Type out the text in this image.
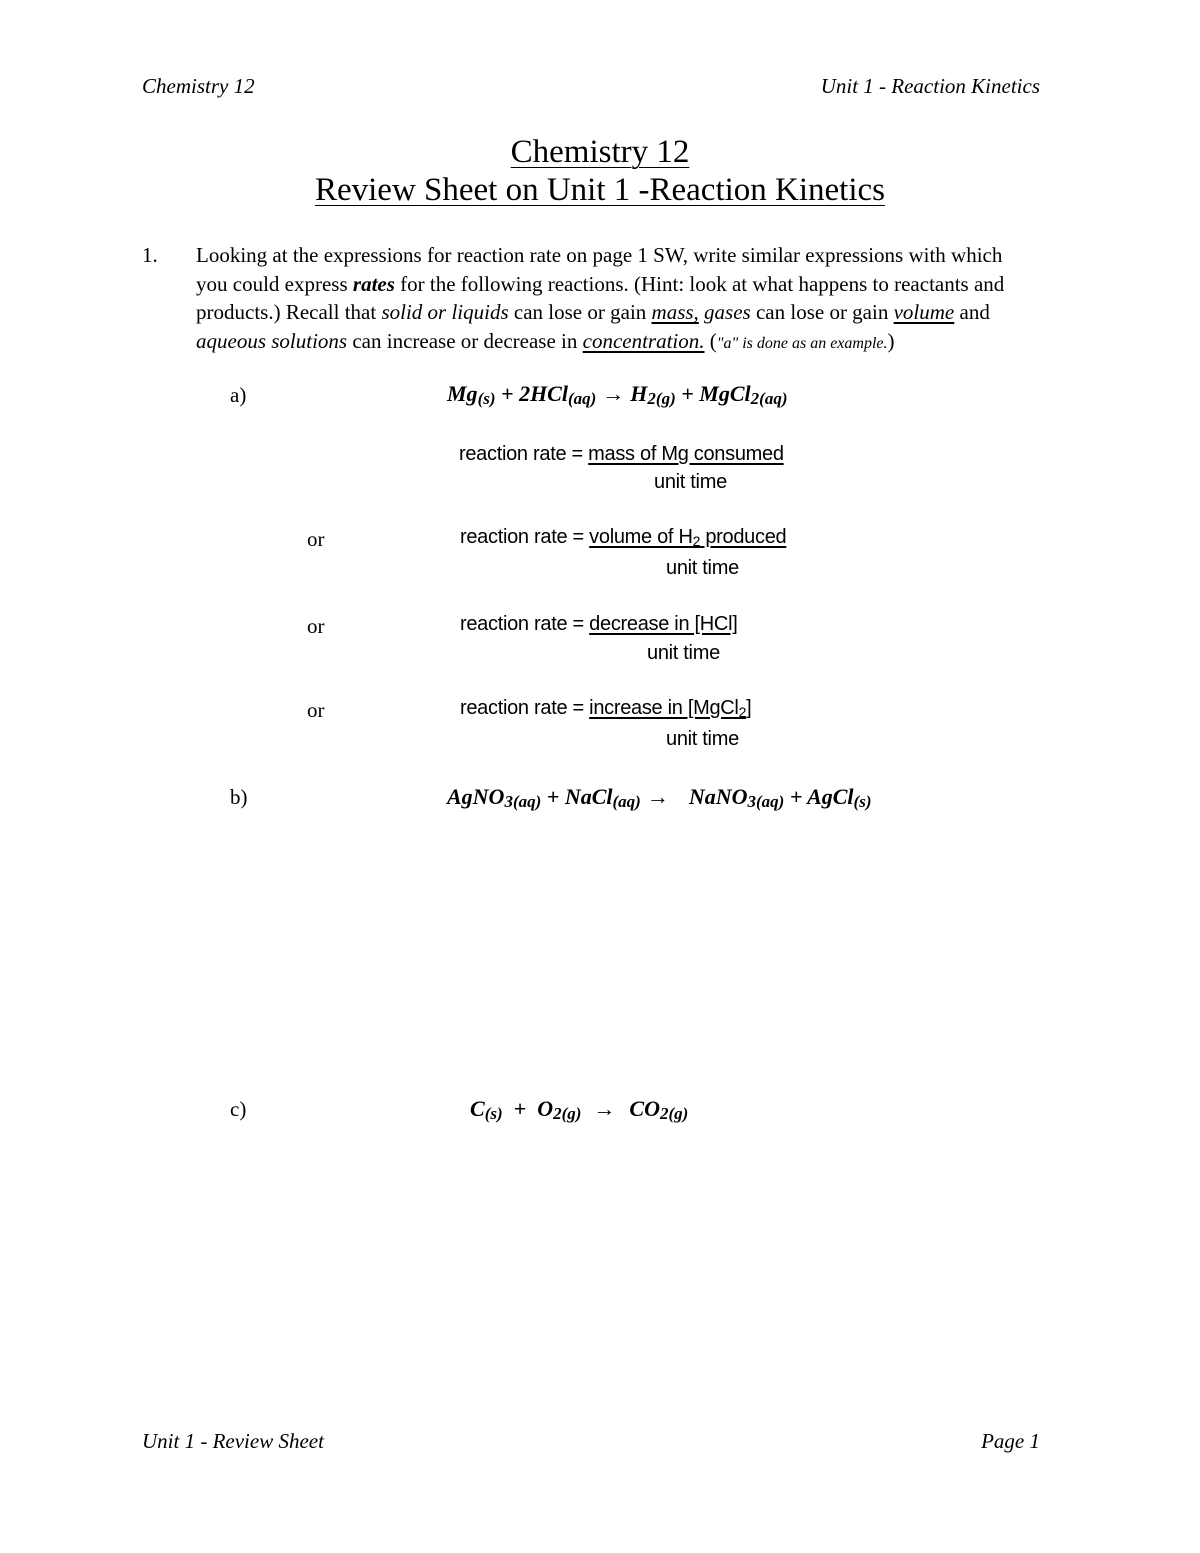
Chemistry 12	Unit 1 - Reaction Kinetics
Chemistry 12
Review Sheet on Unit 1 -Reaction Kinetics
1. Looking at the expressions for reaction rate on page 1 SW, write similar expressions with which
you could express rates for the following reactions. (Hint: look at what happens to reactants and
products.) Recall that solid or liquids can lose or gain mass, gases can lose or gain volume and
aqueous solutions can increase or decrease in concentration. ("a" is done as an example.)
a)	$Mg_{(s)} + 2HCl_{(aq)} \to H_{2(g)}$ + MgCl$_{2(aq)}$
reaction rate = mass of Mg consumed
unit time
or	reaction rate = volume of $H_2$ produced
unit time
or	reaction rate = decrease in [HCl]
unit time
or	reaction rate = increase in [MgCl$_2$]
unit time
b)	AgNO$_{3(aq)}$ + NaCl$_{(aq)}$ → NaNO$_{3(aq)}$ + AgCl$_{(s)}$
c)	$C_{(s)} + O_{2(g)} \to CO_{2(g)}$
Unit 1 - Review Sheet	Page 1
